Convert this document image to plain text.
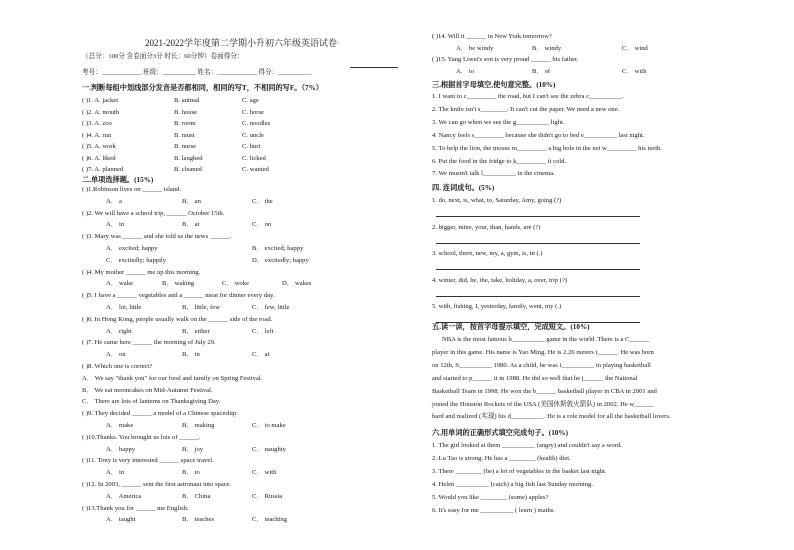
2021-2022学年度第二学期小升初六年级英语试卷
（总分：100分 含卷面分3分 时长：60分钟）卷面得分：
考号：____________ 班级：__________ 姓名：____________ 得分：__________
一.判断每组中划线部分发音是否都相同，相同的写T，不相同的写F。（7%）
( )1. A. jacket	B. animal	C. age
( )2. A. mouth	B. house	C. horse
( )3. A. zoo	B. room	C. noodles
( )4. A. run	B. must	C. uncle
( )5. A. work	B. nurse	C. hurt
( )6. A. liked	B. laughed	C. licked
( )7. A. planned	B. cleaned	C. wanted
二.单项选择题。(15%)
( )1.Robinson lives on ______ island.
A． a	B． an	C． the
( )2. We will have a school trip, ______ October 15th.
A． in	B． at	C． on
( )3. Mary was ______ and she told us the news ______.
A． excited; happy	B． excited; happy
C． excitedly; happily	D． excitedly; happy
( )4. My mother ______ me up this morning.
A． wake	B． waking	C． woke	D． wakes
( )5. I have a ______ vegetables and a ______ meat for dinner every day.
A． lot, little	B． little, few	C． few, little
( )6. In Hong Kong, people usually walk on the ______ side of the road.
A． right	B． either	C． left
( )7. He came here ______ the morning of July 29.
A． on	B． in	C． at
( )8. Which one is correct?
A． We say "thank you" for our food and family on Spring Festival.
B． We eat mooncakes on Mid-Autumn Festival.
C． There are lots of lanterns on Thanksgiving Day.
( )9. They decided ______ a model of a Chinese spaceship.
A． make	B． making	C． to make
( )10.Thanks. You brought us lots of ______.
A． happy	B． joy	C． naughty
( )11. Tony is very interested ______ space travel.
A． in	B． to	C． with
( )12. In 2003, ______ sent the first astronaut into space.
A． America	B． China	C． Russia
( )13.Thank you for ______ me English.
A． taught	B． teaches	C． teaching
( )14. Will it ______ in New York tomorrow?
A． be windy	B． windy	C． wind
( )15. Yang Liwei's son is very proud ______ his father.
A． to	B． of	C． with
三.根据首字母填空,使句意完整。(10%)
1. I want to c_________ the road, but I can't see the zebra c__________.
2. The knife isn't s________. It can't cut the paper. We need a new one.
3. We can go when we see the g__________ light.
4. Nancy feels s_________ because she didn't go to bed e__________ last night.
5. To help the lion, the mouse m_________ a big hole in the net w_________ his teeth.
6. Put the food in the fridge to k_________ it cold.
7. We mustn't talk l__________ in the cinema.
四. 连词成句。(5%)
1. do, next, is, what, to, Saturday, Amy, going (?)
2. bigger, mine, your, than, hands, are (?)
3. school, there, new, my, a, gym, is, in (.)
4. winter, did, he, the, take, holiday, a, over, trip (?)
5. with, fishing, I, yesterday, family, went, my (.)
五.读一读，按首字母提示填空，完成短文。(10%)
NBA is the most famous b__________ game in the world. There is a C______
player in this game. His name is Yao Ming. He is 2.26 meters t______. He was born
on 12th, S__________ 1980. As a child, he was i__________ in playing basketball
and started to p______ it in 1988. He did so well that he j______ the National
Basketball Team in 1998. He won the b______ basketball player in CBA in 2001 and
joined the Houston Rockets of the USA (美国休斯敦火箭队) in 2002. He w______
hard and realized (实现) his d__________. He is a role model for all the basketball lovers.
六.用单词的正确形式填空完成句子。(10%)
1. The girl looked at them __________ (angry) and couldn't say a word.
2. Lu Tao is strong. He has a ________ (health) diet.
3. There ________ (be) a lot of vegetables in the basket last night.
4. Helen __________ (catch) a big fish last Sunday morning.
5. Would you like ________ (some) apples?
6. It's easy for me __________ ( learn ) maths.
